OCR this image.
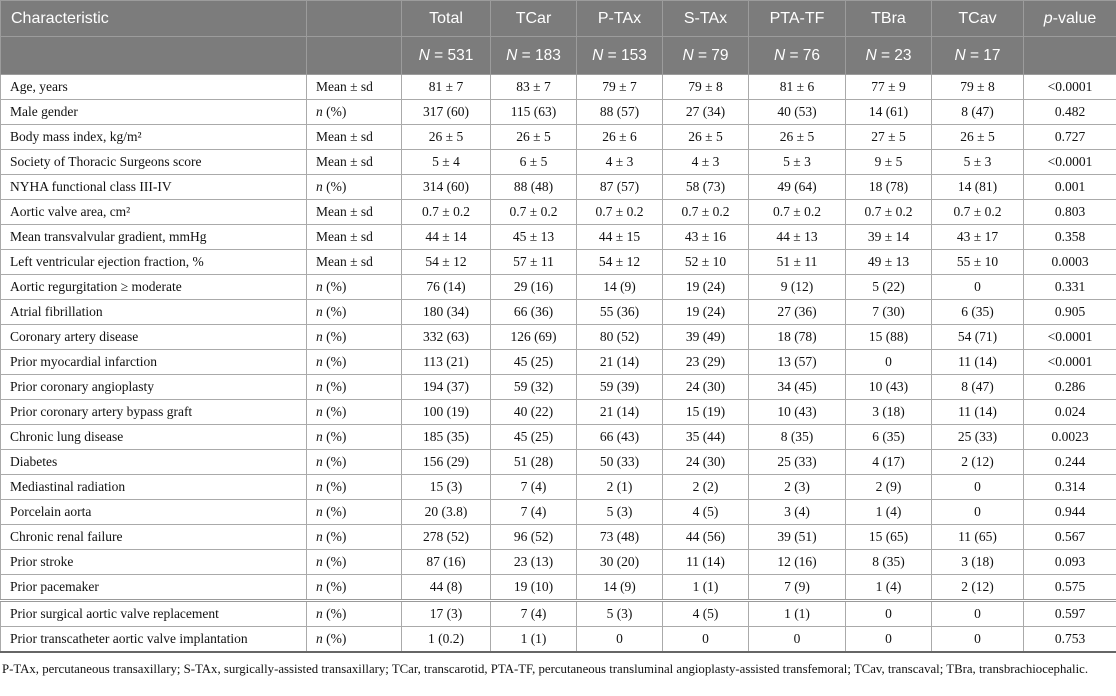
Characteristic		Total	TCar	P-TAx	S-TAx	PTA-TF	TBra	TCav	p-value
		N = 531	N = 183	N = 153	N = 79	N = 76	N = 23	N = 17	
Age, years	Mean ± sd	81 ± 7	83 ± 7	79 ± 7	79 ± 8	81 ± 6	77 ± 9	79 ± 8	<0.0001
Male gender	n (%)	317 (60)	115 (63)	88 (57)	27 (34)	40 (53)	14 (61)	8 (47)	0.482
Body mass index, kg/m²	Mean ± sd	26 ± 5	26 ± 5	26 ± 6	26 ± 5	26 ± 5	27 ± 5	26 ± 5	0.727
Society of Thoracic Surgeons score	Mean ± sd	5 ± 4	6 ± 5	4 ± 3	4 ± 3	5 ± 3	9 ± 5	5 ± 3	<0.0001
NYHA functional class III-IV	n (%)	314 (60)	88 (48)	87 (57)	58 (73)	49 (64)	18 (78)	14 (81)	0.001
Aortic valve area, cm²	Mean ± sd	0.7 ± 0.2	0.7 ± 0.2	0.7 ± 0.2	0.7 ± 0.2	0.7 ± 0.2	0.7 ± 0.2	0.7 ± 0.2	0.803
Mean transvalvular gradient, mmHg	Mean ± sd	44 ± 14	45 ± 13	44 ± 15	43 ± 16	44 ± 13	39 ± 14	43 ± 17	0.358
Left ventricular ejection fraction, %	Mean ± sd	54 ± 12	57 ± 11	54 ± 12	52 ± 10	51 ± 11	49 ± 13	55 ± 10	0.0003
Aortic regurgitation ≥ moderate	n (%)	76 (14)	29 (16)	14 (9)	19 (24)	9 (12)	5 (22)	0	0.331
Atrial fibrillation	n (%)	180 (34)	66 (36)	55 (36)	19 (24)	27 (36)	7 (30)	6 (35)	0.905
Coronary artery disease	n (%)	332 (63)	126 (69)	80 (52)	39 (49)	18 (78)	15 (88)	54 (71)	<0.0001
Prior myocardial infarction	n (%)	113 (21)	45 (25)	21 (14)	23 (29)	13 (57)	0	11 (14)	<0.0001
Prior coronary angioplasty	n (%)	194 (37)	59 (32)	59 (39)	24 (30)	34 (45)	10 (43)	8 (47)	0.286
Prior coronary artery bypass graft	n (%)	100 (19)	40 (22)	21 (14)	15 (19)	10 (43)	3 (18)	11 (14)	0.024
Chronic lung disease	n (%)	185 (35)	45 (25)	66 (43)	35 (44)	8 (35)	6 (35)	25 (33)	0.0023
Diabetes	n (%)	156 (29)	51 (28)	50 (33)	24 (30)	25 (33)	4 (17)	2 (12)	0.244
Mediastinal radiation	n (%)	15 (3)	7 (4)	2 (1)	2 (2)	2 (3)	2 (9)	0	0.314
Porcelain aorta	n (%)	20 (3.8)	7 (4)	5 (3)	4 (5)	3 (4)	1 (4)	0	0.944
Chronic renal failure	n (%)	278 (52)	96 (52)	73 (48)	44 (56)	39 (51)	15 (65)	11 (65)	0.567
Prior stroke	n (%)	87 (16)	23 (13)	30 (20)	11 (14)	12 (16)	8 (35)	3 (18)	0.093
Prior pacemaker	n (%)	44 (8)	19 (10)	14 (9)	1 (1)	7 (9)	1 (4)	2 (12)	0.575
Prior surgical aortic valve replacement	n (%)	17 (3)	7 (4)	5 (3)	4 (5)	1 (1)	0	0	0.597
Prior transcatheter aortic valve implantation	n (%)	1 (0.2)	1 (1)	0	0	0	0	0	0.753
P-TAx, percutaneous transaxillary; S-TAx, surgically-assisted transaxillary; TCar, transcarotid, PTA-TF, percutaneous transluminal angioplasty-assisted transfemoral; TCav, transcaval; TBra, transbrachiocephalic.
